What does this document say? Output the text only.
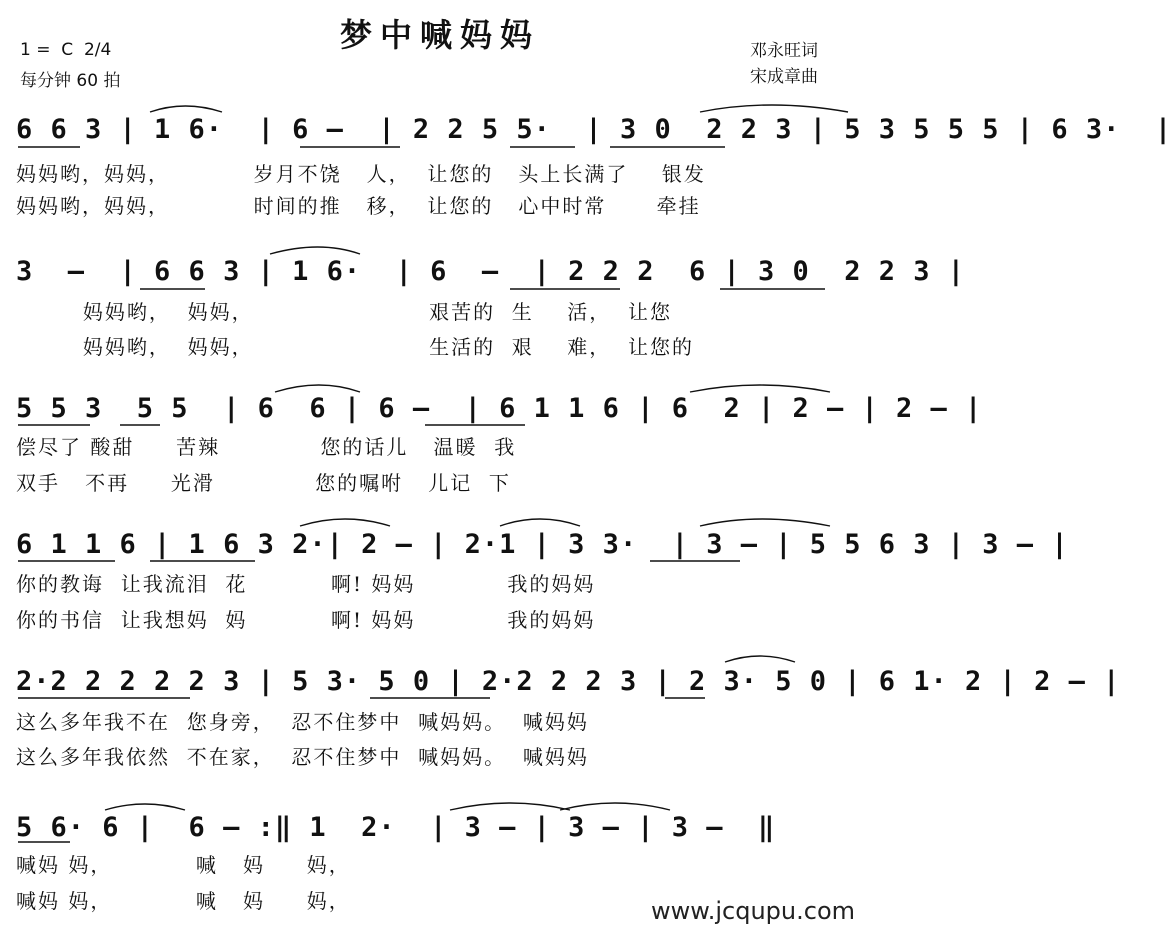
梦中喊妈妈
1 =  C  2/4
每分钟 60 拍
邓永旺词
宋成章曲
6 6 3 | 1 6·  | 6 —  | 2 2 5 5·  | 3 0  2 2 3 | 5 3 5 5 5 | 6 3·  |
妈妈哟，妈妈，          岁月不饶   人，  让您的   头上长满了    银发
妈妈哟，妈妈，          时间的推   移，  让您的   心中时常      牵挂
3  —  | 6 6 3 | 1 6·  | 6  —  | 2 2 2  6 | 3 0  2 2 3 |
妈妈哟，  妈妈，                     艰苦的  生    活，  让您
妈妈哟，  妈妈，                     生活的  艰    难，  让您的
5 5 3  5 5  | 6  6 | 6 —  | 6 1 1 6 | 6  2 | 2 — | 2 — |
偿尽了 酸甜     苦辣            您的话儿   温暖  我
双手   不再     光滑            您的嘱咐   儿记  下
6 1 1 6 | 1 6 3 2·| 2 — | 2·1 | 3 3·  | 3 — | 5 5 6 3 | 3 — |
你的教诲  让我流泪  花          啊! 妈妈           我的妈妈
你的书信  让我想妈  妈          啊! 妈妈           我的妈妈
2·2 2 2 2 2 3 | 5 3· 5 0 | 2·2 2 2 3 | 2 3· 5 0 | 6 1· 2 | 2 — |
这么多年我不在  您身旁，  忍不住梦中  喊妈妈。  喊妈妈
这么多年我依然  不在家，  忍不住梦中  喊妈妈。  喊妈妈
5 6· 6 |  6 — :‖ 1  2·  | 3 — | 3 — | 3 —  ‖
喊妈 妈，          喊   妈     妈，
喊妈 妈，          喊   妈     妈，	www.jcqupu.com
